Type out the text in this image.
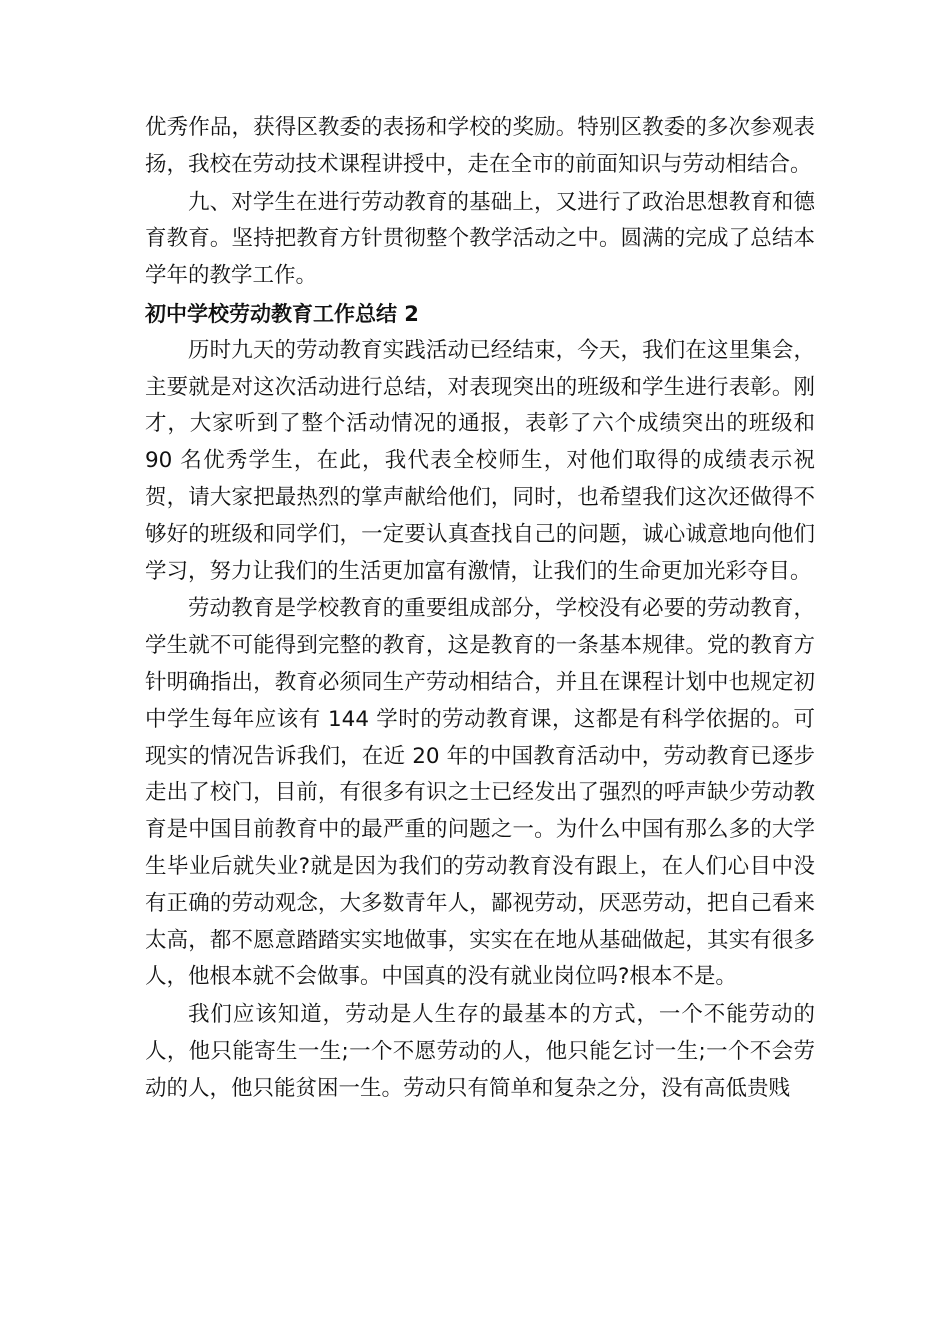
优秀作品，获得区教委的表扬和学校的奖励。特别区教委的多次参观表扬，我校在劳动技术课程讲授中，走在全市的前面知识与劳动相结合。

九、对学生在进行劳动教育的基础上，又进行了政治思想教育和德育教育。坚持把教育方针贯彻整个教学活动之中。圆满的完成了总结本学年的教学工作。

初中学校劳动教育工作总结 2

历时九天的劳动教育实践活动已经结束，今天，我们在这里集会，主要就是对这次活动进行总结，对表现突出的班级和学生进行表彰。刚才，大家听到了整个活动情况的通报，表彰了六个成绩突出的班级和 90 名优秀学生，在此，我代表全校师生，对他们取得的成绩表示祝贺，请大家把最热烈的掌声献给他们，同时，也希望我们这次还做得不够好的班级和同学们，一定要认真查找自己的问题，诚心诚意地向他们学习，努力让我们的生活更加富有激情，让我们的生命更加光彩夺目。

劳动教育是学校教育的重要组成部分，学校没有必要的劳动教育，学生就不可能得到完整的教育，这是教育的一条基本规律。党的教育方针明确指出，教育必须同生产劳动相结合，并且在课程计划中也规定初中学生每年应该有 144 学时的劳动教育课，这都是有科学依据的。可现实的情况告诉我们，在近 20 年的中国教育活动中，劳动教育已逐步走出了校门，目前，有很多有识之士已经发出了强烈的呼声缺少劳动教育是中国目前教育中的最严重的问题之一。为什么中国有那么多的大学生毕业后就失业?就是因为我们的劳动教育没有跟上，在人们心目中没有正确的劳动观念，大多数青年人，鄙视劳动，厌恶劳动，把自己看来太高，都不愿意踏踏实实地做事，实实在在地从基础做起，其实有很多人，他根本就不会做事。中国真的没有就业岗位吗?根本不是。

我们应该知道，劳动是人生存的最基本的方式，一个不能劳动的人，他只能寄生一生;一个不愿劳动的人，他只能乞讨一生;一个不会劳动的人，他只能贫困一生。劳动只有简单和复杂之分，没有高低贵贱
